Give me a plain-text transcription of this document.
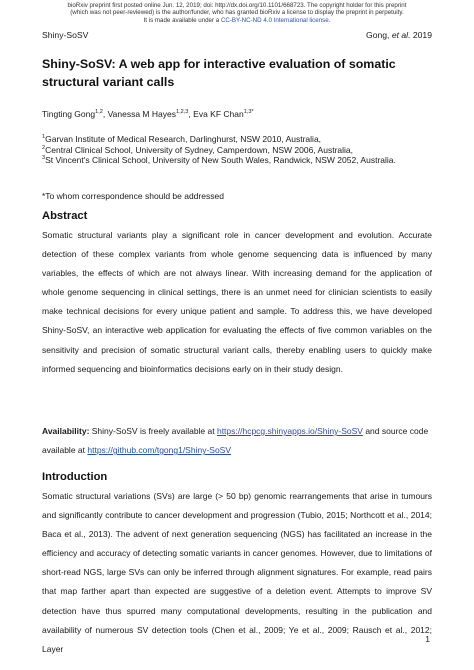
bioRxiv preprint first posted online Jun. 12, 2019; doi: http://dx.doi.org/10.1101/668723. The copyright holder for this preprint
(which was not peer-reviewed) is the author/funder, who has granted bioRxiv a license to display the preprint in perpetuity.
It is made available under a CC-BY-NC-ND 4.0 International license.
Shiny-SoSV	Gong, et al. 2019
Shiny-SoSV: A web app for interactive evaluation of somatic structural variant calls
Tingting Gong$^{1,2}$, Vanessa M Hayes$^{1,2,3}$, Eva KF Chan$^{1,3*}$
$^1$Garvan Institute of Medical Research, Darlinghurst, NSW 2010, Australia,
$^2$Central Clinical School, University of Sydney, Camperdown, NSW 2006, Australia,
$^3$St Vincent's Clinical School, University of New South Wales, Randwick, NSW 2052, Australia.
*To whom correspondence should be addressed
Abstract

Somatic structural variants play a significant role in cancer development and evolution. Accurate detection of these complex variants from whole genome sequencing data is influenced by many variables, the effects of which are not always linear. With increasing demand for the application of whole genome sequencing in clinical settings, there is an unmet need for clinician scientists to easily make technical decisions for every unique patient and sample. To address this, we have developed Shiny-SoSV, an interactive web application for evaluating the effects of five common variables on the sensitivity and precision of somatic structural variant calls, thereby enabling users to quickly make informed sequencing and bioinformatics decisions early on in their study design.

Availability: Shiny-SoSV is freely available at https://hcpcg.shinyapps.io/Shiny-SoSV and source code available at https://github.com/tgong1/Shiny-SoSV

Introduction

Somatic structural variations (SVs) are large (> 50 bp) genomic rearrangements that arise in tumours and significantly contribute to cancer development and progression (Tubio, 2015; Northcott et al., 2014; Baca et al., 2013). The advent of next generation sequencing (NGS) has facilitated an increase in the efficiency and accuracy of detecting somatic variants in cancer genomes. However, due to limitations of short-read NGS, large SVs can only be inferred through alignment signatures. For example, read pairs that map farther apart than expected are suggestive of a deletion event. Attempts to improve SV detection have thus spurred many computational developments, resulting in the publication and availability of numerous SV detection tools (Chen et al., 2009; Ye et al., 2009; Rausch et al., 2012; Layer

1
